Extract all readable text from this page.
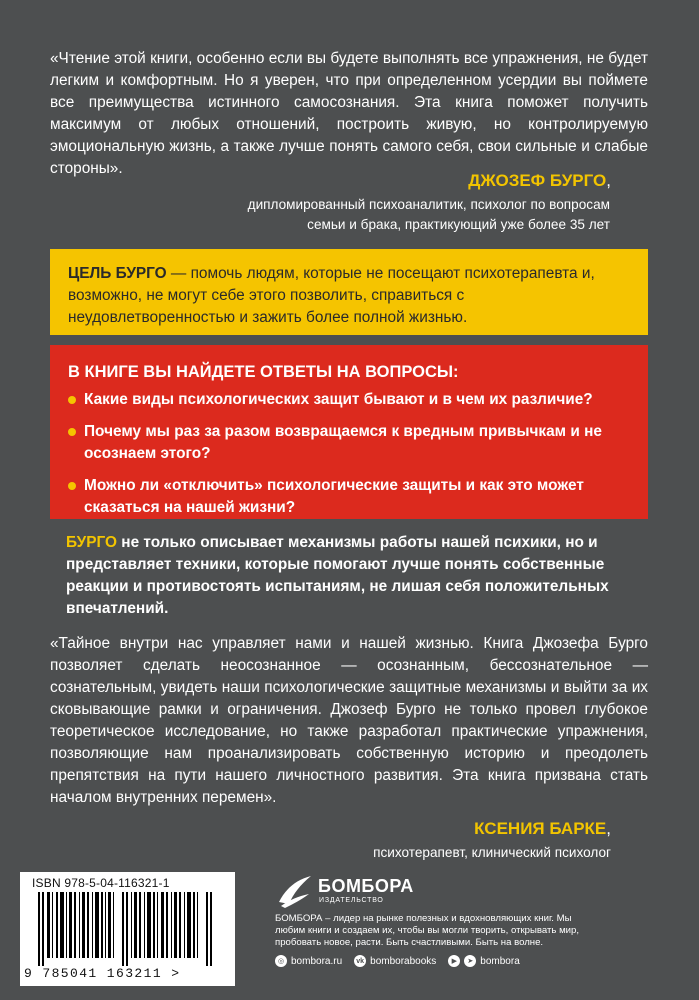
«Чтение этой книги, особенно если вы будете выполнять все упражнения, не будет легким и комфортным. Но я уверен, что при определенном усердии вы поймете все преимущества истинного самосознания. Эта книга поможет получить максимум от любых отношений, построить живую, но контролируемую эмоциональную жизнь, а также лучше понять самого себя, свои сильные и слабые стороны».
ДЖОЗЕФ БУРГО,
дипломированный психоаналитик, психолог по вопросам
семьи и брака, практикующий уже более 35 лет
ЦЕЛЬ БУРГО — помочь людям, которые не посещают психотерапевта и, возможно, не могут себе этого позволить, справиться с неудовлетворенностью и зажить более полной жизнью.
В КНИГЕ ВЫ НАЙДЕТЕ ОТВЕТЫ НА ВОПРОСЫ:
Какие виды психологических защит бывают и в чем их различие?
Почему мы раз за разом возвращаемся к вредным привычкам и не осознаем этого?
Можно ли «отключить» психологические защиты и как это может сказаться на нашей жизни?
БУРГО не только описывает механизмы работы нашей психики, но и представляет техники, которые помогают лучше понять собственные реакции и противостоять испытаниям, не лишая себя положительных впечатлений.
«Тайное внутри нас управляет нами и нашей жизнью. Книга Джозефа Бурго позволяет сделать неосознанное — осознанным, бессознательное — сознательным, увидеть наши психологические защитные механизмы и выйти за их сковывающие рамки и ограничения. Джозеф Бурго не только провел глубокое теоретическое исследование, но также разработал практические упражнения, позволяющие нам проанализировать собственную историю и преодолеть препятствия на пути нашего личностного развития. Эта книга призвана стать началом внутренних перемен».
КСЕНИЯ БАРКЕ,
психотерапевт, клинический психолог
ISBN 978-5-04-116321-1
9 785041 163211 >
БОМБОРА
ИЗДАТЕЛЬСТВО
БОМБОРА – лидер на рынке полезных и вдохновляющих книг. Мы любим книги и создаем их, чтобы вы могли творить, открывать мир, пробовать новое, расти. Быть счастливыми. Быть на волне.
◎ bombora.ru vk bomborabooks	▶	➤ bombora
